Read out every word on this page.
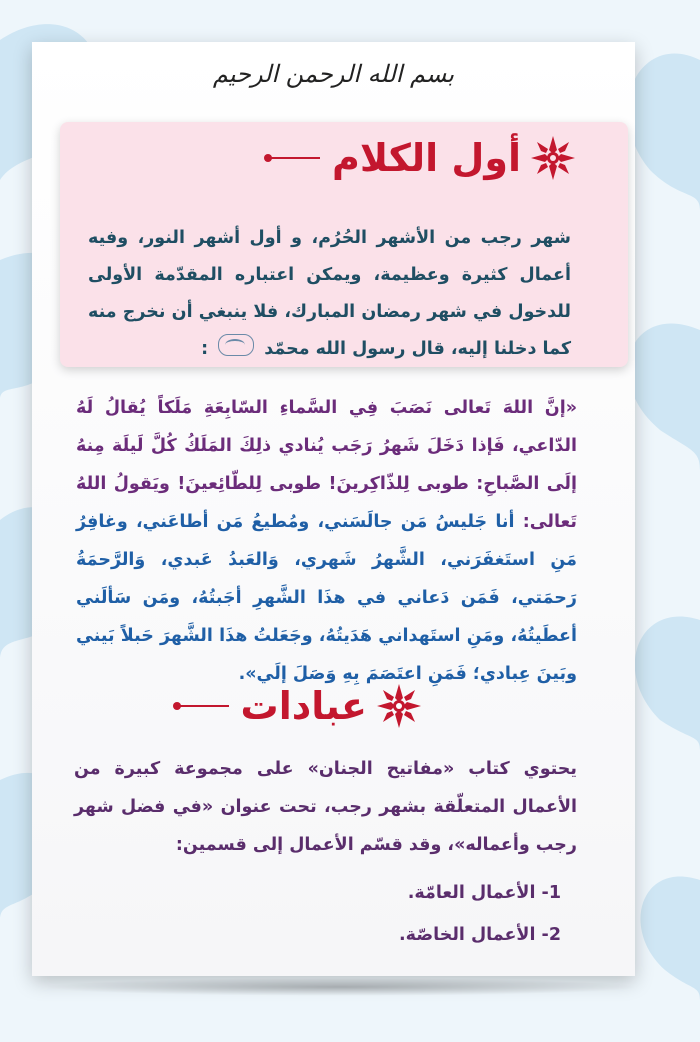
بسم الله الرحمن الرحيم
أول الكلام

شهر رجب من الأشهر الحُرُم، و أول أشهر النور، وفيه أعمال كثيرة وعظيمة، ويمكن اعتباره المقدّمة الأولى للدخول في شهر رمضان المبارك، فلا ينبغي أن نخرج منه كما دخلنا إليه، قال رسول الله محمّد  :

«إنَّ اللهَ تَعالى نَصَبَ فِي السَّماءِ السّابِعَةِ مَلَكاً يُقالُ لَهُ الدّاعي، فَإذا دَخَلَ شَهرُ رَجَب يُنادي ذلِكَ المَلَكُ كُلَّ لَيلَة مِنهُ إلَى الصَّباحِ: طوبى لِلذّاكِرينَ! طوبى لِلطّائِعينَ! ويَقولُ اللهُ تَعالى: أنا جَليسُ مَن جالَسَني، ومُطيعُ مَن أطاعَني، وغافِرُ مَنِ استَغفَرَني، الشَّهرُ شَهري، وَالعَبدُ عَبدي، وَالرَّحمَةُ رَحمَتي، فَمَن دَعاني في هذَا الشَّهرِ أجَبتُهُ، ومَن سَألَني أعطَيتُهُ، ومَنِ استَهداني هَدَيتُهُ، وجَعَلتُ هذَا الشَّهرَ حَبلاً بَيني وبَينَ عِبادي؛ فَمَنِ اعتَصَمَ بِهِ وَصَلَ إلَي».

عبادات

يحتوي كتاب «مفاتيح الجنان» على مجموعة كبيرة من الأعمال المتعلّقة بشهر رجب، تحت عنوان «في فضل شهر رجب وأعماله»، وقد قسّم الأعمال إلى قسمين:

1- الأعمال العامّة.
2- الأعمال الخاصّة.
